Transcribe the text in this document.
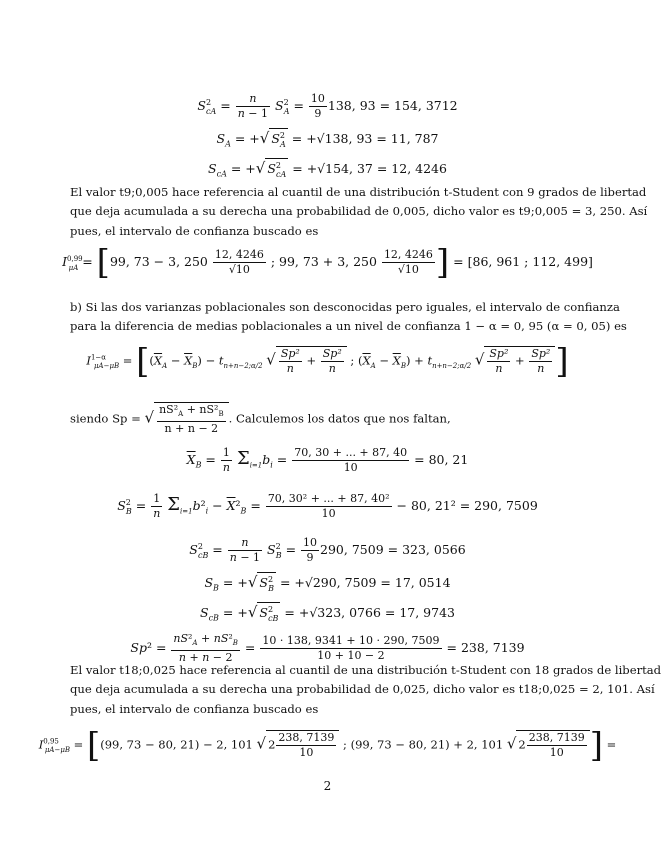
$S^2_{cA} = \frac{n}{n - 1} S^2_A = \frac{10}{9} 138$, 93 = 154, 3712
$S_A$ = +√ $S^2_A = +√138$, 93 = 11, 787
$S_{cA}$ = +√ $S^2_{cA} = +√154$, 37 = 12, 4246
El valor t9;0,005 hace referencia al cuantil de una distribución t-Student con 9 grados de libertad
que deja acumulada a su derecha una probabilidad de 0,005, dicho valor es t9;0,005 = 3, 250. Así
pues, el intervalo de confianza buscado es
I$^{0,99}_{\mu A}$ = [99, 73 − 3, $250 \frac{12, 4246}{√10}$ ; 99, 73 + 3, $250 \frac{12, 4246}{√10}$ ] = [86, 961 ; 112, 499]
b) Si las dos varianzas poblacionales son desconocidas pero iguales, el intervalo de confianza
para la diferencia de medias poblacionales a un nivel de confianza 1 − α = 0, 95 (α = 0, 05) es
$I^{1-\alpha}_{\mu A-\mu B} = [(\overline{X}_A - \overline{X}_B) - t_{n+n-2;\alpha/2}$ √ $\frac{\text{Sp²}}{n} + \frac{\text{Sp²}}{n}$ ; $(\overline{X}_A - \overline{X}_B) + t_{n+n-2;\alpha/2}$ √ $\frac{\text{Sp²}}{n} + \frac{\text{Sp²}}{n}$ ]
siendo Sp = √ $\frac{nS^2_A + nS^2_B}{n + n - 2}$ . Calculemos los datos que nos faltan,
$\overline{X}_B = \frac{1}{n} \Sigma_{i=1}b_i = \frac{70, 30 + ... + 87, 40}{10} = 80$, 21
$S^2_B = \frac{1}{n} \Sigma_{i=1}b^2_i - \overline{X}^2_B = \frac{\text{70, 30² + ... + 87, 40²}}{10} - 80$, 21² = 290, 7509
$S^2_{cB} = \frac{n}{n - 1} S^2_B = \frac{10}{9} 290$, 7509 = 323, 0566
$S_B$ = +√ $S^2_B = +√290$, 7509 = 17, 0514
$S_{cB}$ = +√ $S^2_{cB} = +√323$, 0766 = 17, 9743
$Sp^2 = \frac{nS^2_A + nS^2_B}{n + n - 2} = \frac{10 \cdot 138, 9341 + 10 \cdot 290, 7509}{10 + 10 - 2} = 238$, 7139
El valor t18;0,025 hace referencia al cuantil de una distribución t-Student con 18 grados de libertad
que deja acumulada a su derecha una probabilidad de 0,025, dicho valor es t18;0,025 = 2, 101. Así
pues, el intervalo de confianza buscado es
I$^{0,95}_{\mu A-\mu B}$ = [(99, 73 − 80, 21) − 2, 101 √ $2 \frac{238, 7139}{10}$ ; (99, 73 − 80, 21) + 2, 101 √ $2 \frac{238, 7139}{10}$ ] =
2
